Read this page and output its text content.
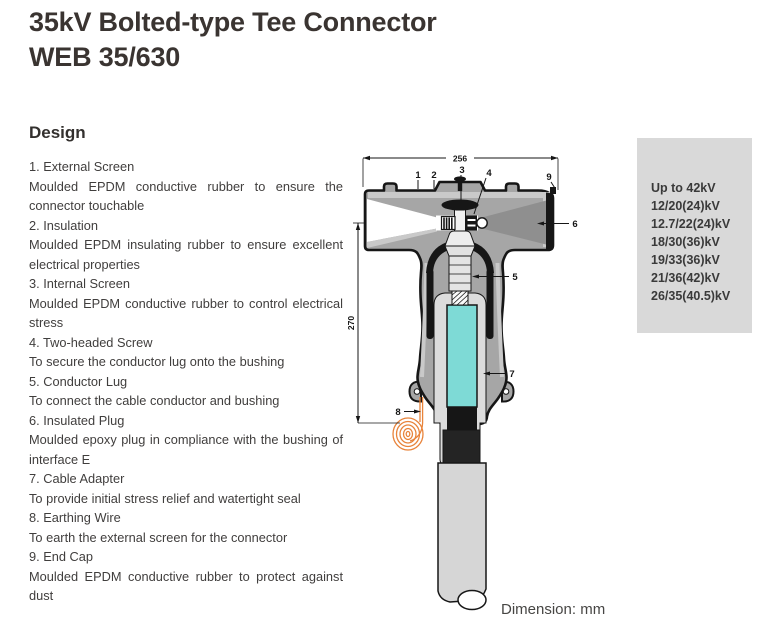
35kV Bolted-type Tee Connector
WEB 35/630
Design
1. External Screen
Moulded EPDM conductive rubber to ensure the connector touchable
2. Insulation
Moulded EPDM insulating rubber to ensure excellent electrical properties
3. Internal Screen
Moulded EPDM conductive rubber to control electrical stress
4. Two-headed Screw
To secure the conductor lug onto the bushing
5. Conductor Lug
To connect the cable conductor and bushing
6. Insulated Plug
Moulded epoxy plug in compliance with the bushing of interface E
7. Cable Adapter
To provide initial stress relief and watertight seal
8. Earthing Wire
To earth the external screen for the connector
9. End Cap
Moulded EPDM conductive rubber to protect against dust
Up to 42kV
12/20(24)kV
12.7/22(24)kV
18/30(36)kV
19/33(36)kV
21/36(42)kV
26/35(40.5)kV
256
270
1 2 3 4
5
6
7
8
9
Dimension: mm
